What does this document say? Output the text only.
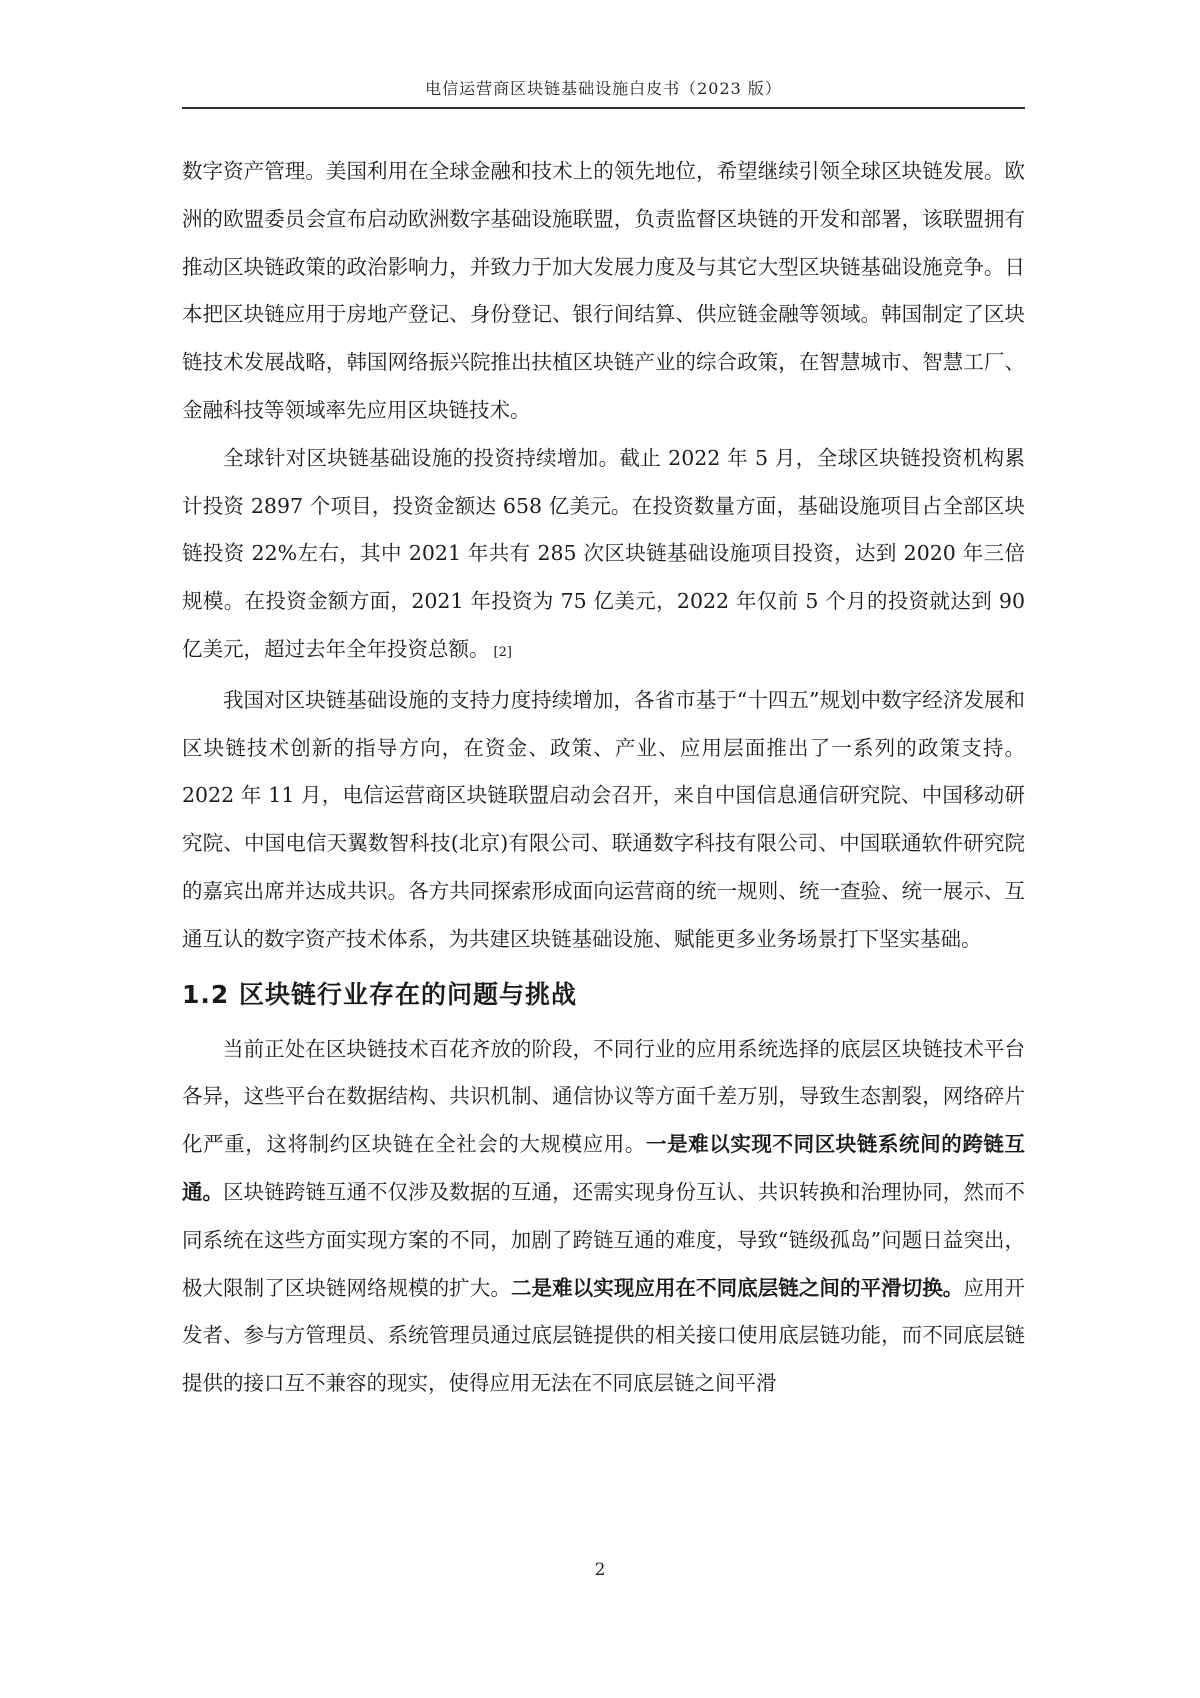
电信运营商区块链基础设施白皮书（2023 版）

数字资产管理。美国利用在全球金融和技术上的领先地位，希望继续引领全球区块链发展。欧洲的欧盟委员会宣布启动欧洲数字基础设施联盟，负责监督区块链的开发和部署，该联盟拥有推动区块链政策的政治影响力，并致力于加大发展力度及与其它大型区块链基础设施竞争。日本把区块链应用于房地产登记、身份登记、银行间结算、供应链金融等领域。韩国制定了区块链技术发展战略，韩国网络振兴院推出扶植区块链产业的综合政策，在智慧城市、智慧工厂、金融科技等领域率先应用区块链技术。

全球针对区块链基础设施的投资持续增加。截止 2022 年 5 月，全球区块链投资机构累计投资 2897 个项目，投资金额达 658 亿美元。在投资数量方面，基础设施项目占全部区块链投资 22%左右，其中 2021 年共有 285 次区块链基础设施项目投资，达到 2020 年三倍规模。在投资金额方面，2021 年投资为 75 亿美元，2022 年仅前 5 个月的投资就达到 90 亿美元，超过去年全年投资总额。 [2]

我国对区块链基础设施的支持力度持续增加，各省市基于“十四五”规划中数字经济发展和区块链技术创新的指导方向，在资金、政策、产业、应用层面推出了一系列的政策支持。2022 年 11 月，电信运营商区块链联盟启动会召开，来自中国信息通信研究院、中国移动研究院、中国电信天翼数智科技(北京)有限公司、联通数字科技有限公司、中国联通软件研究院的嘉宾出席并达成共识。各方共同探索形成面向运营商的统一规则、统一查验、统一展示、互通互认的数字资产技术体系，为共建区块链基础设施、赋能更多业务场景打下坚实基础。

1.2 区块链行业存在的问题与挑战

当前正处在区块链技术百花齐放的阶段，不同行业的应用系统选择的底层区块链技术平台各异，这些平台在数据结构、共识机制、通信协议等方面千差万别，导致生态割裂，网络碎片化严重，这将制约区块链在全社会的大规模应用。一是难以实现不同区块链系统间的跨链互通。区块链跨链互通不仅涉及数据的互通，还需实现身份互认、共识转换和治理协同，然而不同系统在这些方面实现方案的不同，加剧了跨链互通的难度，导致“链级孤岛”问题日益突出，极大限制了区块链网络规模的扩大。二是难以实现应用在不同底层链之间的平滑切换。应用开发者、参与方管理员、系统管理员通过底层链提供的相关接口使用底层链功能，而不同底层链提供的接口互不兼容的现实，使得应用无法在不同底层链之间平滑

2
